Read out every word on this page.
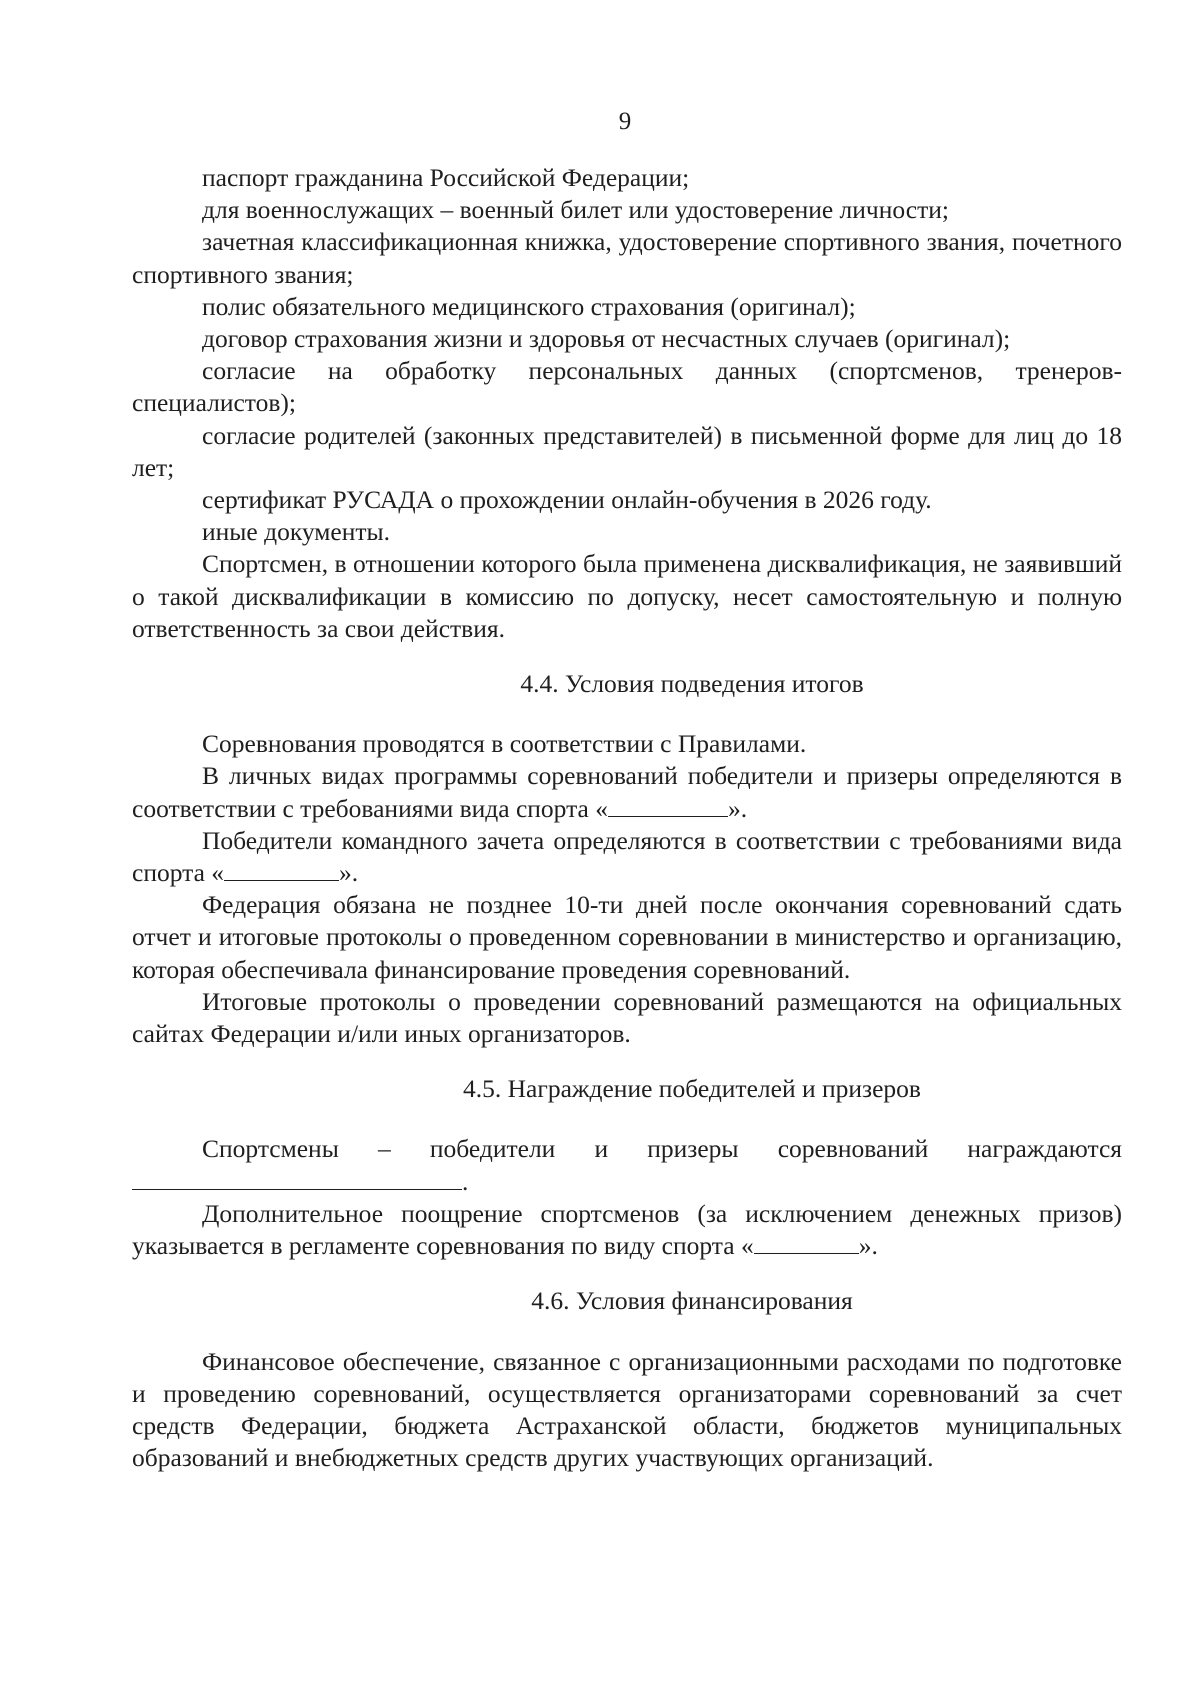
9

паспорт гражданина Российской Федерации;

для военнослужащих – военный билет или удостоверение личности;

зачетная классификационная книжка, удостоверение спортивного звания, почетного спортивного звания;

полис обязательного медицинского страхования (оригинал);

договор страхования жизни и здоровья от несчастных случаев (оригинал);

согласие на обработку персональных данных (спортсменов, тренеров-специалистов);

согласие родителей (законных представителей) в письменной форме для лиц до 18 лет;

сертификат РУСАДА о прохождении онлайн-обучения в 2026 году.

иные документы.

Спортсмен, в отношении которого была применена дисквалификация, не заявивший о такой дисквалификации в комиссию по допуску, несет самостоятельную и полную ответственность за свои действия.

4.4. Условия подведения итогов

Соревнования проводятся в соответствии с Правилами.

В личных видах программы соревнований победители и призеры определяются в соответствии с требованиями вида спорта «	».

Победители командного зачета определяются в соответствии с требованиями вида спорта «	».

Федерация обязана не позднее 10-ти дней после окончания соревнований сдать отчет и итоговые протоколы о проведенном соревновании в министерство и организацию, которая обеспечивала финансирование проведения соревнований.

Итоговые протоколы о проведении соревнований размещаются на официальных сайтах Федерации и/или иных организаторов.

4.5. Награждение победителей и призеров

Спортсмены – победители и призеры соревнований награждаются

.

Дополнительное поощрение спортсменов (за исключением денежных призов) указывается в регламенте соревнования по виду спорта «	».

4.6. Условия финансирования

Финансовое обеспечение, связанное с организационными расходами по подготовке и проведению соревнований, осуществляется организаторами соревнований за счет средств Федерации, бюджета Астраханской области, бюджетов муниципальных образований и внебюджетных средств других участвующих организаций.
